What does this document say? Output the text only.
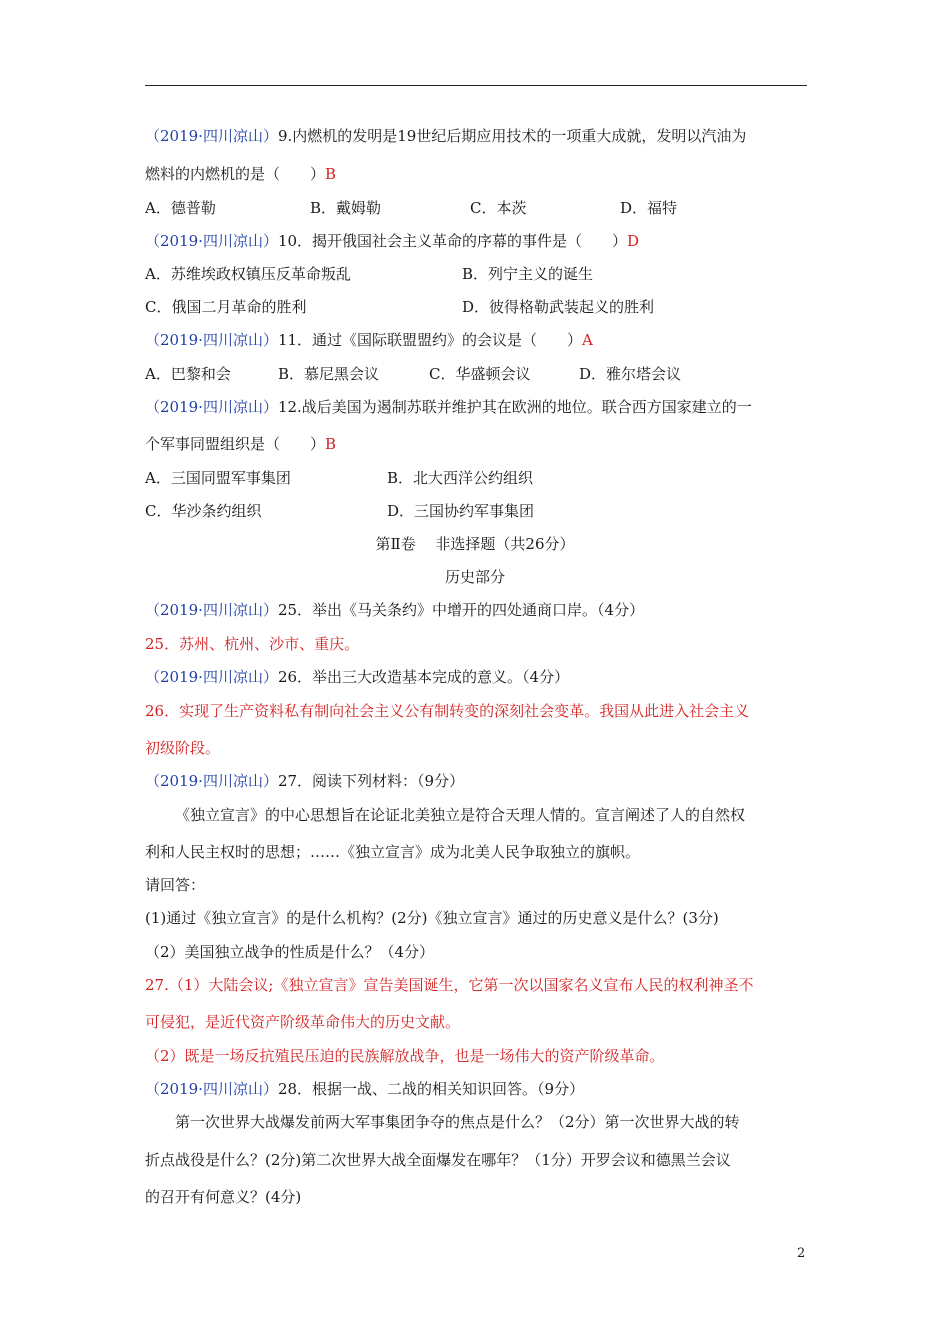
（2019·四川凉山）9.内燃机的发明是19世纪后期应用技术的一项重大成就，发明以汽油为
燃料的内燃机的是（　　）B
A．德普勒	B．戴姆勒	C．本茨	D．福特
（2019·四川凉山）10．揭开俄国社会主义革命的序幕的事件是（　　）D
A．苏维埃政权镇压反革命叛乱	B．列宁主义的诞生
C．俄国二月革命的胜利	D．彼得格勒武装起义的胜利
（2019·四川凉山）11．通过《国际联盟盟约》的会议是（　　）A
A．巴黎和会	B．慕尼黑会议	C．华盛顿会议	D．雅尔塔会议
（2019·四川凉山）12.战后美国为遏制苏联并维护其在欧洲的地位。联合西方国家建立的一
个军事同盟组织是（　　）B
A．三国同盟军事集团	B．北大西洋公约组织
C．华沙条约组织	D．三国协约军事集团
第Ⅱ卷　 非选择题（共26分）
历史部分
（2019·四川凉山）25．举出《马关条约》中增开的四处通商口岸。（4分）
25．苏州、杭州、沙市、重庆。
（2019·四川凉山）26．举出三大改造基本完成的意义。（4分）
26．实现了生产资料私有制向社会主义公有制转变的深刻社会变革。我国从此进入社会主义
初级阶段。
（2019·四川凉山）27．阅读下列材料：（9分）
《独立宣言》的中心思想旨在论证北美独立是符合天理人情的。宣言阐述了人的自然权
利和人民主权时的思想；……《独立宣言》成为北美人民争取独立的旗帜。
请回答：
(1)通过《独立宣言》的是什么机构？(2分)《独立宣言》通过的历史意义是什么？(3分)
（2）美国独立战争的性质是什么？（4分）
27.（1）大陆会议;《独立宣言》宣告美国诞生，它第一次以国家名义宣布人民的权利神圣不
可侵犯，是近代资产阶级革命伟大的历史文献。
（2）既是一场反抗殖民压迫的民族解放战争，也是一场伟大的资产阶级革命。
（2019·四川凉山）28．根据一战、二战的相关知识回答。（9分）
第一次世界大战爆发前两大军事集团争夺的焦点是什么？（2分）第一次世界大战的转
折点战役是什么？(2分)第二次世界大战全面爆发在哪年？（1分）开罗会议和德黑兰会议
的召开有何意义？(4分)
2
